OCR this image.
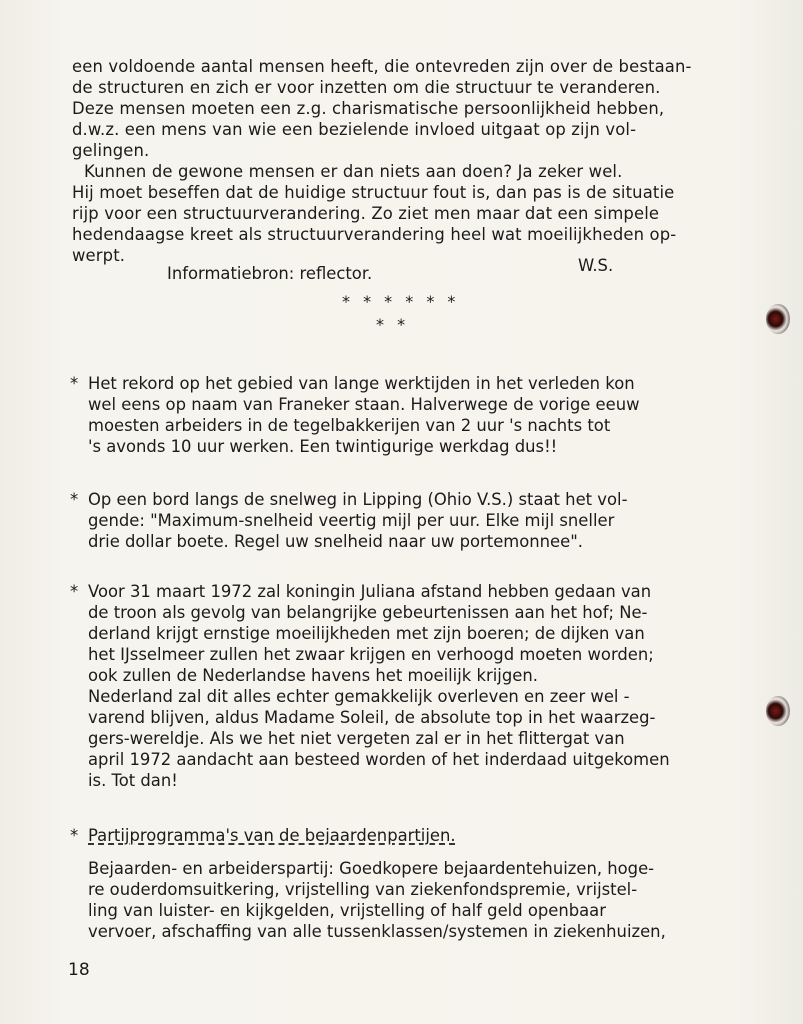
een voldoende aantal mensen heeft, die ontevreden zijn over de bestaan-
de structuren en zich er voor inzetten om die structuur te veranderen.
Deze mensen moeten een z.g. charismatische persoonlijkheid hebben,
d.w.z. een mens van wie een bezielende invloed uitgaat op zijn vol-
gelingen.
Kunnen de gewone mensen er dan niets aan doen? Ja zeker wel.
Hij moet beseffen dat de huidige structuur fout is, dan pas is de situatie
rijp voor een structuurverandering. Zo ziet men maar dat een simpele
hedendaagse kreet als structuurverandering heel wat moeilijkheden op-
werpt.
Informatiebron: reflector.	W.S.
* * * * * *
* *
* Het rekord op het gebied van lange werktijden in het verleden kon
wel eens op naam van Franeker staan. Halverwege de vorige eeuw
moesten arbeiders in de tegelbakkerijen van 2 uur 's nachts tot
's avonds 10 uur werken. Een twintigurige werkdag dus!!
* Op een bord langs de snelweg in Lipping (Ohio V.S.) staat het vol-
gende: "Maximum-snelheid veertig mijl per uur. Elke mijl sneller
drie dollar boete. Regel uw snelheid naar uw portemonnee".
* Voor 31 maart 1972 zal koningin Juliana afstand hebben gedaan van
de troon als gevolg van belangrijke gebeurtenissen aan het hof; Ne-
derland krijgt ernstige moeilijkheden met zijn boeren; de dijken van
het IJsselmeer zullen het zwaar krijgen en verhoogd moeten worden;
ook zullen de Nederlandse havens het moeilijk krijgen.
Nederland zal dit alles echter gemakkelijk overleven en zeer wel -
varend blijven, aldus Madame Soleil, de absolute top in het waarzeg-
gers-wereldje. Als we het niet vergeten zal er in het flittergat van
april 1972 aandacht aan besteed worden of het inderdaad uitgekomen
is. Tot dan!
* Partijprogramma's van de bejaardenpartijen.
Bejaarden- en arbeiderspartij: Goedkopere bejaardentehuizen, hoge-
re ouderdomsuitkering, vrijstelling van ziekenfondspremie, vrijstel-
ling van luister- en kijkgelden, vrijstelling of half geld openbaar
vervoer, afschaffing van alle tussenklassen/systemen in ziekenhuizen,
18
